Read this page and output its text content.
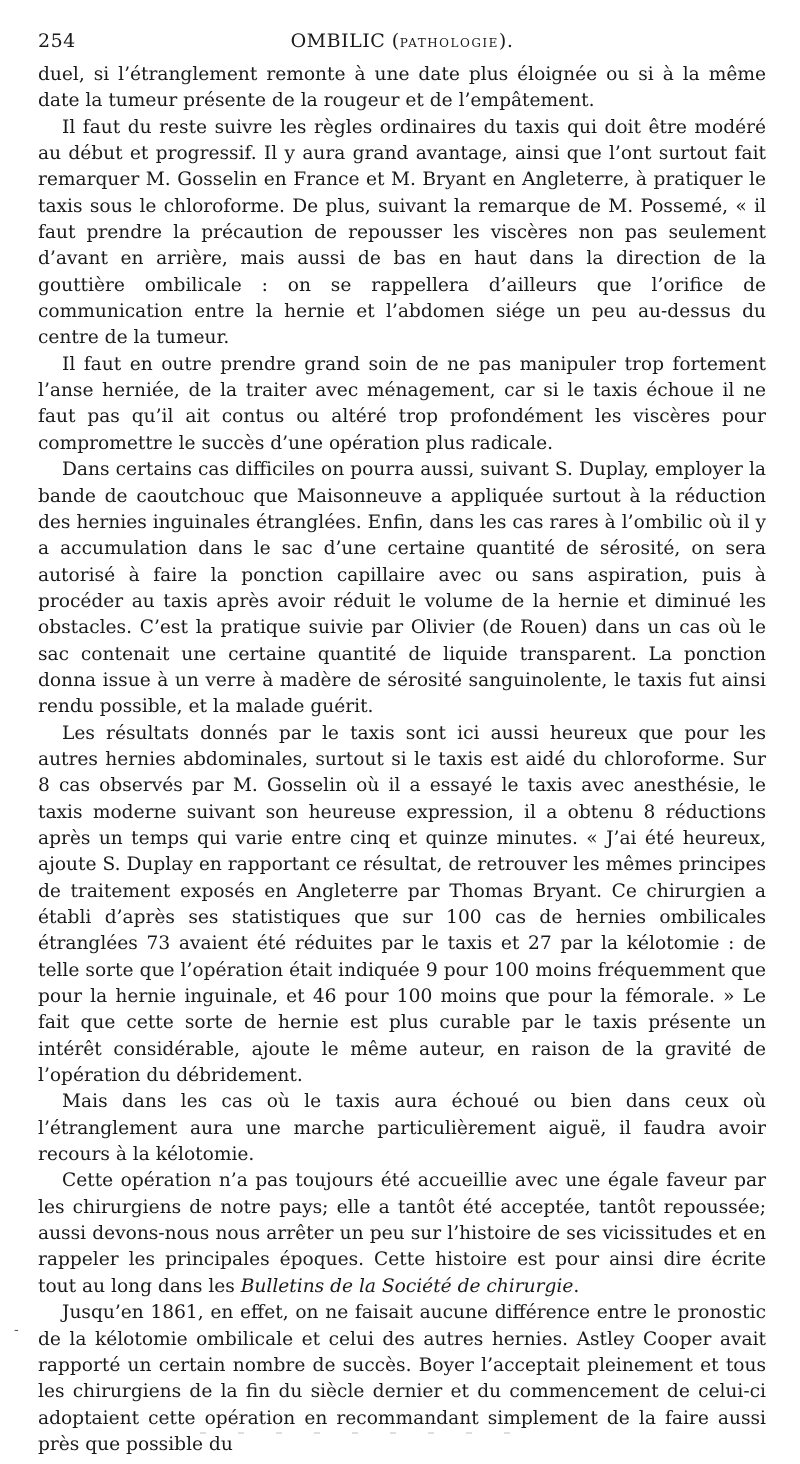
254	OMBILIC (PATHOLOGIE).

duel, si l’étranglement remonte à une date plus éloignée ou si à la même date la tumeur présente de la rougeur et de l’empâtement.

Il faut du reste suivre les règles ordinaires du taxis qui doit être modéré au début et progressif. Il y aura grand avantage, ainsi que l’ont surtout fait remarquer M. Gosselin en France et M. Bryant en Angleterre, à pratiquer le taxis sous le chloroforme. De plus, suivant la remarque de M. Possemé, « il faut prendre la précaution de repousser les viscères non pas seulement d’avant en arrière, mais aussi de bas en haut dans la direction de la gouttière ombilicale : on se rappellera d’ailleurs que l’orifice de communication entre la hernie et l’abdomen siége un peu au-dessus du centre de la tumeur.

Il faut en outre prendre grand soin de ne pas manipuler trop fortement l’anse herniée, de la traiter avec ménagement, car si le taxis échoue il ne faut pas qu’il ait contus ou altéré trop profondément les viscères pour compromettre le succès d’une opération plus radicale.

Dans certains cas difficiles on pourra aussi, suivant S. Duplay, employer la bande de caoutchouc que Maisonneuve a appliquée surtout à la réduction des hernies inguinales étranglées. Enfin, dans les cas rares à l’ombilic où il y a accumulation dans le sac d’une certaine quantité de sérosité, on sera autorisé à faire la ponction capillaire avec ou sans aspiration, puis à procéder au taxis après avoir réduit le volume de la hernie et diminué les obstacles. C’est la pratique suivie par Olivier (de Rouen) dans un cas où le sac contenait une certaine quantité de liquide transparent. La ponction donna issue à un verre à madère de sérosité sanguinolente, le taxis fut ainsi rendu possible, et la malade guérit.

Les résultats donnés par le taxis sont ici aussi heureux que pour les autres hernies abdominales, surtout si le taxis est aidé du chloroforme. Sur 8 cas observés par M. Gosselin où il a essayé le taxis avec anesthésie, le taxis moderne suivant son heureuse expression, il a obtenu 8 réductions après un temps qui varie entre cinq et quinze minutes. « J’ai été heureux, ajoute S. Duplay en rapportant ce résultat, de retrouver les mêmes principes de traitement exposés en Angleterre par Thomas Bryant. Ce chirurgien a établi d’après ses statistiques que sur 100 cas de hernies ombilicales étranglées 73 avaient été réduites par le taxis et 27 par la kélotomie : de telle sorte que l’opération était indiquée 9 pour 100 moins fréquemment que pour la hernie inguinale, et 46 pour 100 moins que pour la fémorale. » Le fait que cette sorte de hernie est plus curable par le taxis présente un intérêt considérable, ajoute le même auteur, en raison de la gravité de l’opération du débridement.

Mais dans les cas où le taxis aura échoué ou bien dans ceux où l’étranglement aura une marche particulièrement aiguë, il faudra avoir recours à la kélotomie.

Cette opération n’a pas toujours été accueillie avec une égale faveur par les chirurgiens de notre pays; elle a tantôt été acceptée, tantôt repoussée; aussi devons-nous nous arrêter un peu sur l’histoire de ses vicissitudes et en rappeler les principales époques. Cette histoire est pour ainsi dire écrite tout au long dans les Bulletins de la Société de chirurgie.

Jusqu’en 1861, en effet, on ne faisait aucune différence entre le pronostic de la kélotomie ombilicale et celui des autres hernies. Astley Cooper avait rapporté un certain nombre de succès. Boyer l’acceptait pleinement et tous les chirurgiens de la fin du siècle dernier et du commencement de celui-ci adoptaient cette opération en recommandant simplement de la faire aussi près que possible du

-
